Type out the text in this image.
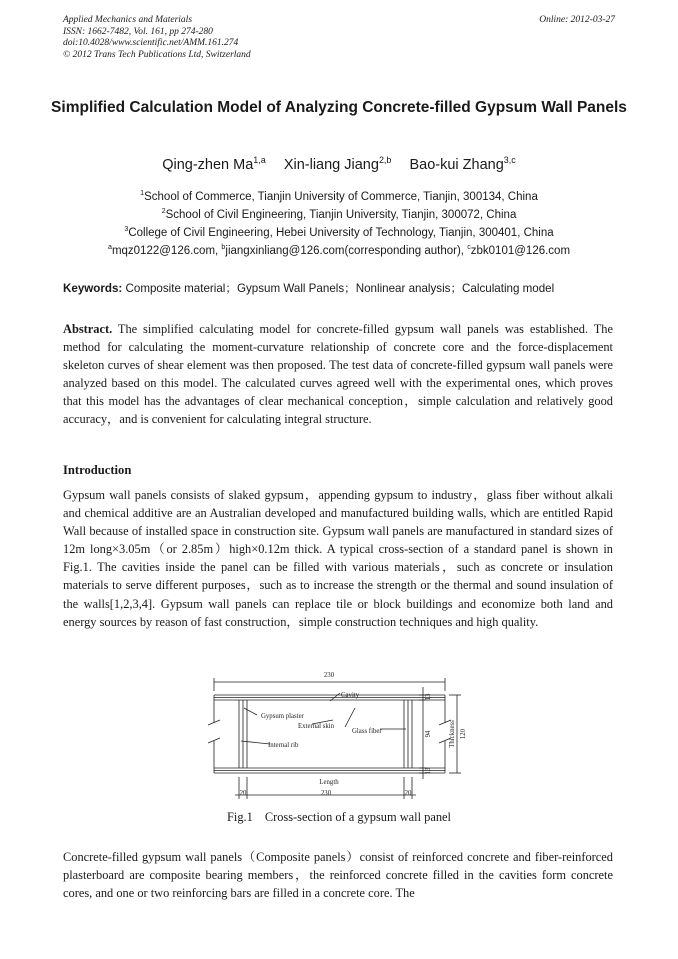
Applied Mechanics and Materials
ISSN: 1662-7482, Vol. 161, pp 274-280
doi:10.4028/www.scientific.net/AMM.161.274
© 2012 Trans Tech Publications Ltd, Switzerland
Online: 2012-03-27
Simplified Calculation Model of Analyzing Concrete-filled Gypsum Wall Panels
Qing-zhen Ma$^{1,a}$ Xin-liang Jiang$^{2,b}$ Bao-kui Zhang$^{3,c}$
$^1$School of Commerce, Tianjin University of Commerce, Tianjin, 300134, China
$^2$School of Civil Engineering, Tianjin University, Tianjin, 300072, China
$^3$College of Civil Engineering, Hebei University of Technology, Tianjin, 300401, China
$^a$mqz0122@126.com, $^b$jiangxinliang@126.com(corresponding author), $^c$zbk0101@126.com
Keywords: Composite material；Gypsum Wall Panels；Nonlinear analysis；Calculating model

Abstract. The simplified calculating model for concrete-filled gypsum wall panels was established. The method for calculating the moment-curvature relationship of concrete core and the force-displacement skeleton curves of shear element was then proposed. The test data of concrete-filled gypsum wall panels were analyzed based on this model. The calculated curves agreed well with the experimental ones, which proves that this model has the advantages of clear mechanical conception，simple calculation and relatively good accuracy，and is convenient for calculating integral structure.

Introduction

Gypsum wall panels consists of slaked gypsum，appending gypsum to industry，glass fiber without alkali and chemical additive are an Australian developed and manufactured building walls, which are entitled Rapid Wall because of installed space in construction site. Gypsum wall panels are manufactured in standard sizes of 12m long×3.05m（or 2.85m）high×0.12m thick. A typical cross-section of a standard panel is shown in Fig.1. The cavities inside the panel can be filled with various materials，such as concrete or insulation materials to serve different purposes，such as to increase the strength or the thermal and sound insulation of the walls[1,2,3,4]. Gypsum wall panels can replace tile or block buildings and economize both land and energy sources by reason of fast construction，simple construction techniques and high quality.

230
Cavity
Gypsum plaster
External skin
Glass fiber
Internal rib
Length
230
20	20
13
94
13
Thickness 120
Fig.1 Cross-section of a gypsum wall panel

Concrete-filled gypsum wall panels（Composite panels）consist of reinforced concrete and fiber-reinforced plasterboard are composite bearing members，the reinforced concrete filled in the cavities form concrete cores, and one or two reinforcing bars are filled in a concrete core. The
